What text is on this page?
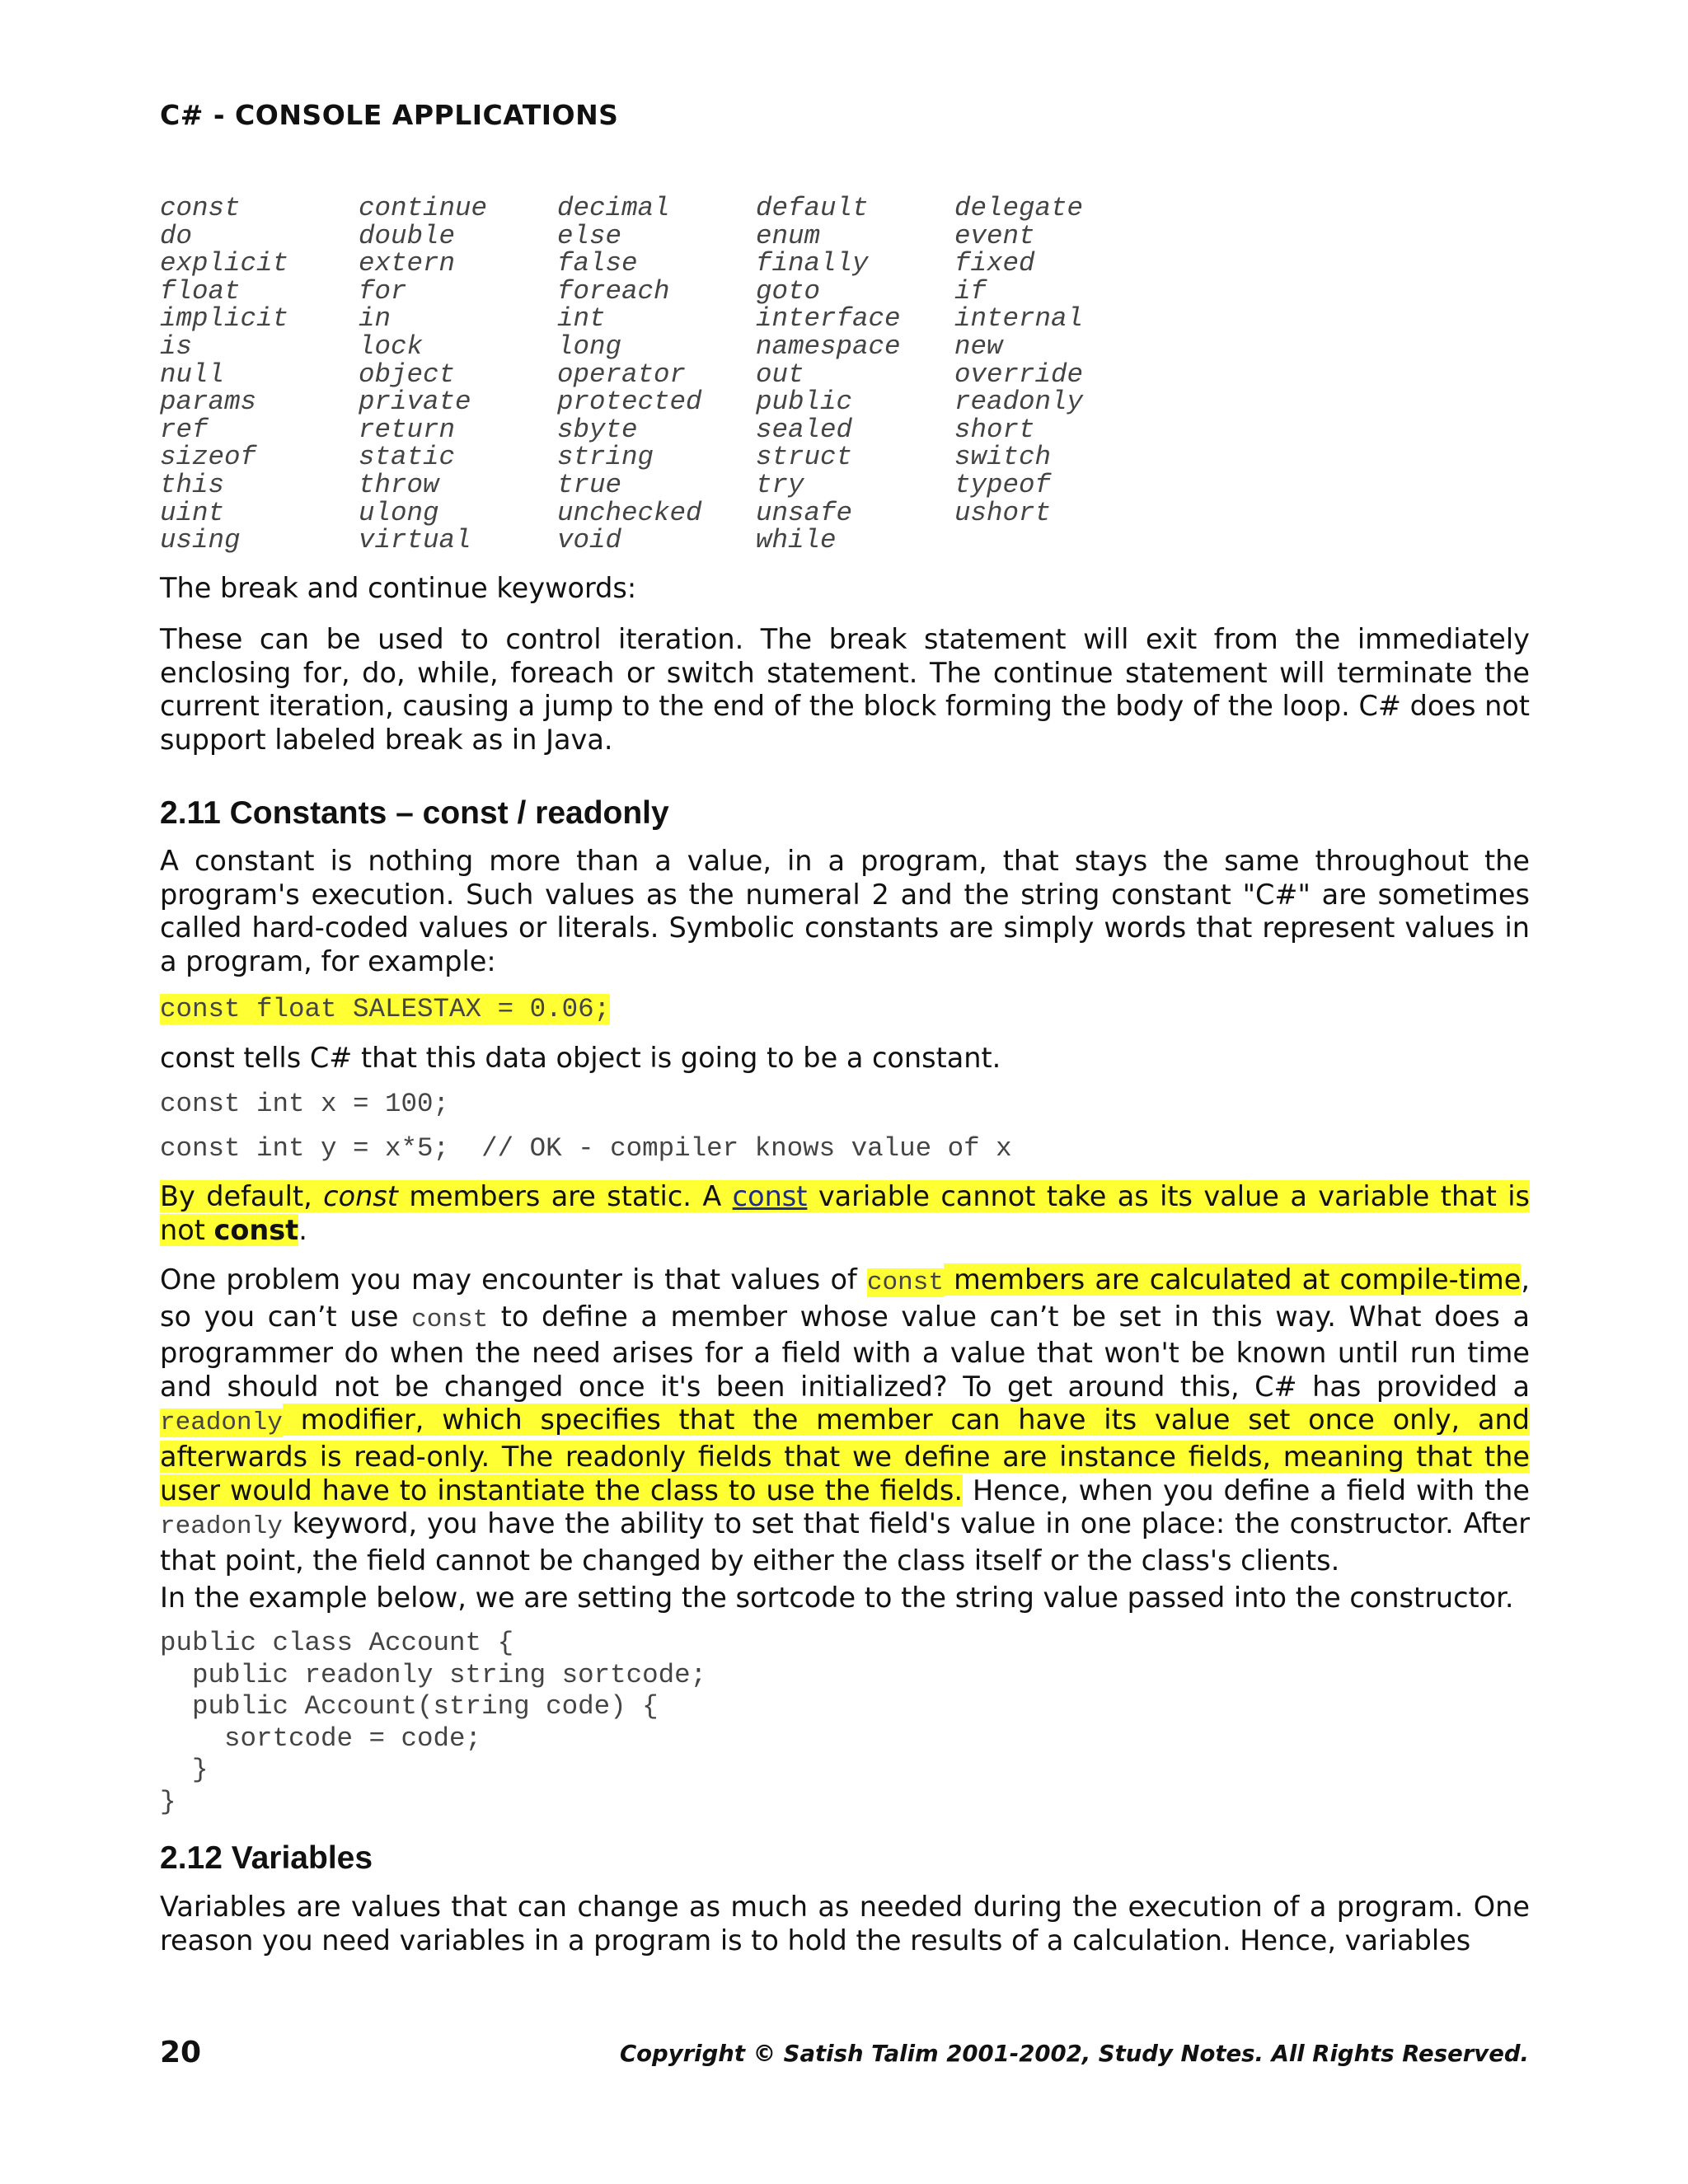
C# - CONSOLE APPLICATIONS
const	continue	decimal	default	delegate
do	double	else	enum	event
explicit	extern	false	finally	fixed
float	for	foreach	goto	if
implicit	in	int	interface	internal
is	lock	long	namespace	new
null	object	operator	out	override
params	private	protected	public	readonly
ref	return	sbyte	sealed	short
sizeof	static	string	struct	switch
this	throw	true	try	typeof
uint	ulong	unchecked	unsafe	ushort
using	virtual	void	while
The break and continue keywords:
These can be used to control iteration. The break statement will exit from the immediately enclosing for, do, while, foreach or switch statement. The continue statement will terminate the current iteration, causing a jump to the end of the block forming the body of the loop. C# does not support labeled break as in Java.
2.11 Constants – const / readonly
A constant is nothing more than a value, in a program, that stays the same throughout the program's execution. Such values as the numeral 2 and the string constant "C#" are sometimes called hard-coded values or literals. Symbolic constants are simply words that represent values in a program, for example:
const float SALESTAX = 0.06;
const tells C# that this data object is going to be a constant.
const int x = 100;
const int y = x*5;  // OK - compiler knows value of x
By default, const members are static. A const variable cannot take as its value a variable that is not const.
One problem you may encounter is that values of const members are calculated at compile-time, so you can’t use const to define a member whose value can’t be set in this way. What does a programmer do when the need arises for a field with a value that won't be known until run time and should not be changed once it's been initialized? To get around this, C# has provided a readonly modifier, which specifies that the member can have its value set once only, and afterwards is read-only. The readonly fields that we define are instance fields, meaning that the user would have to instantiate the class to use the fields. Hence, when you define a field with the readonly keyword, you have the ability to set that field's value in one place: the constructor. After that point, the field cannot be changed by either the class itself or the class's clients.
In the example below, we are setting the sortcode to the string value passed into the constructor.
public class Account {
public readonly string sortcode;
public Account(string code) {
sortcode = code;
}
}
2.12 Variables
Variables are values that can change as much as needed during the execution of a program. One reason you need variables in a program is to hold the results of a calculation. Hence, variables
20	Copyright © Satish Talim 2001-2002, Study Notes. All Rights Reserved.
